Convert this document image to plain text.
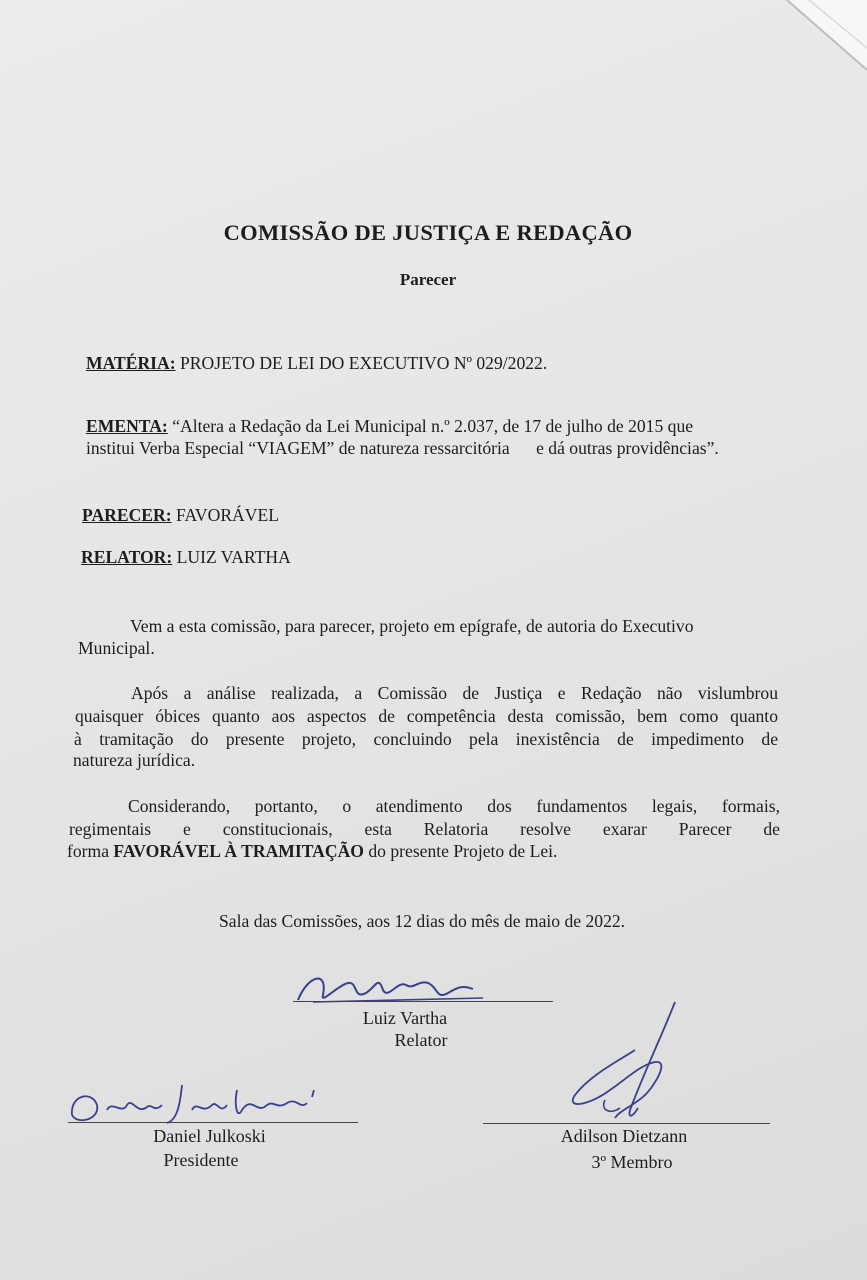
COMISSÃO DE JUSTIÇA E REDAÇÃO
Parecer
MATÉRIA: PROJETO DE LEI DO EXECUTIVO Nº 029/2022.
EMENTA: “Altera a Redação da Lei Municipal n.º 2.037, de 17 de julho de 2015 que
institui Verba Especial “VIAGEM” de natureza ressarcitória      e dá outras providências”.
PARECER: FAVORÁVEL
RELATOR: LUIZ VARTHA
Vem a esta comissão, para parecer, projeto em epígrafe, de autoria do Executivo
Municipal.
Após a análise realizada, a Comissão de Justiça e Redação não vislumbrou
quaisquer óbices quanto aos aspectos de competência desta comissão, bem como quanto
à tramitação do presente projeto, concluindo pela inexistência de impedimento de
natureza jurídica.
Considerando, portanto, o atendimento dos fundamentos legais, formais,
regimentais e constitucionais, esta Relatoria resolve exarar Parecer de
forma FAVORÁVEL À TRAMITAÇÃO do presente Projeto de Lei.
Sala das Comissões, aos 12 dias do mês de maio de 2022.
Luiz Vartha
Relator
Daniel Julkoski
Presidente
Adilson Dietzann
3º Membro
